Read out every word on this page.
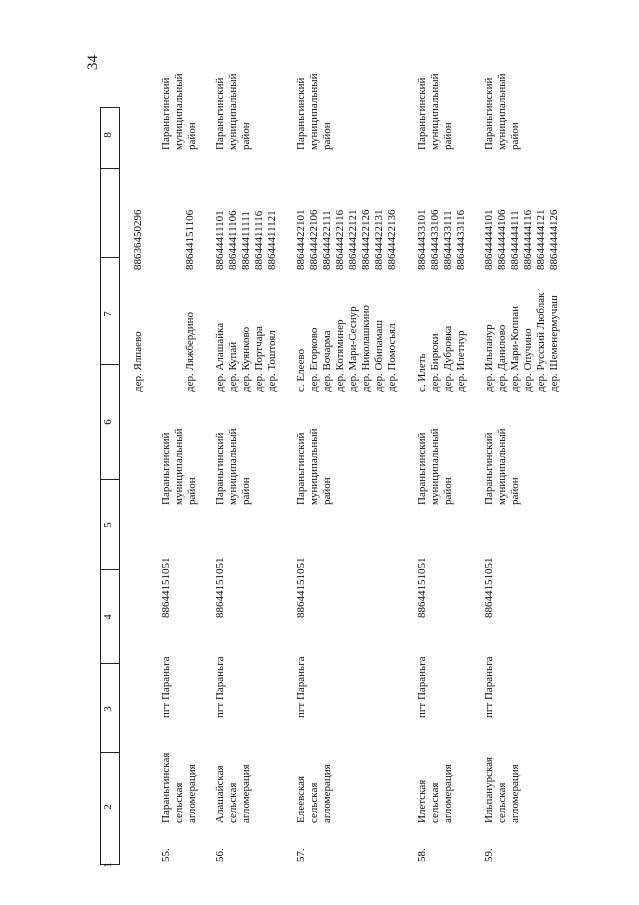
34
1
2
3
4
5
6
7
8
55.
Параньгинская
сельская
агломерация
пгт Параньга
88644151051
Параньгинский
муниципальный
район
дер. Ялпаево

дер. Ляжбердино
88636450296

88644151106
Параньгинский
муниципальный
район
56.
Алашайская
сельская
агломерация
пгт Параньга
88644151051
Параньгинский
муниципальный
район
дер. Алашайка
дер. Купай
дер. Куянково
дер. Портчара
дер. Тоштоял
88644411101
88644411106
88644411111
88644411116
88644411121
Параньгинский
муниципальный
район
57.
Елеевская
сельская
агломерация
пгт Параньга
88644151051
Параньгинский
муниципальный
район
с. Елеево
дер. Егорково
дер. Вочарма
дер. Котяминер
дер. Мари-Сеснур
дер. Николашкино
дер. Обипамаш
дер. Помосъял
88644422101
88644422106
88644422111
88644422116
88644422121
88644422126
88644422131
88644422136
Параньгинский
муниципальный
район
58.
Илетская
сельская
агломерация
пгт Параньга
88644151051
Параньгинский
муниципальный
район
с. Илеть
дер. Бирюки
дер. Дубровка
дер. Илетнур
88644433101
88644433106
88644433111
88644433116
Параньгинский
муниципальный
район
59.
Ильпанурская
сельская
агломерация
пгт Параньга
88644151051
Параньгинский
муниципальный
район
дер. Ильпанур
дер. Данилово
дер. Мари-Коппаи
дер. Опучино
дер. Русский Люблак
дер. Шеменермучаш
88644444101
88644444106
88644444111
88644444116
88644444121
88644444126
Параньгинский
муниципальный
район
